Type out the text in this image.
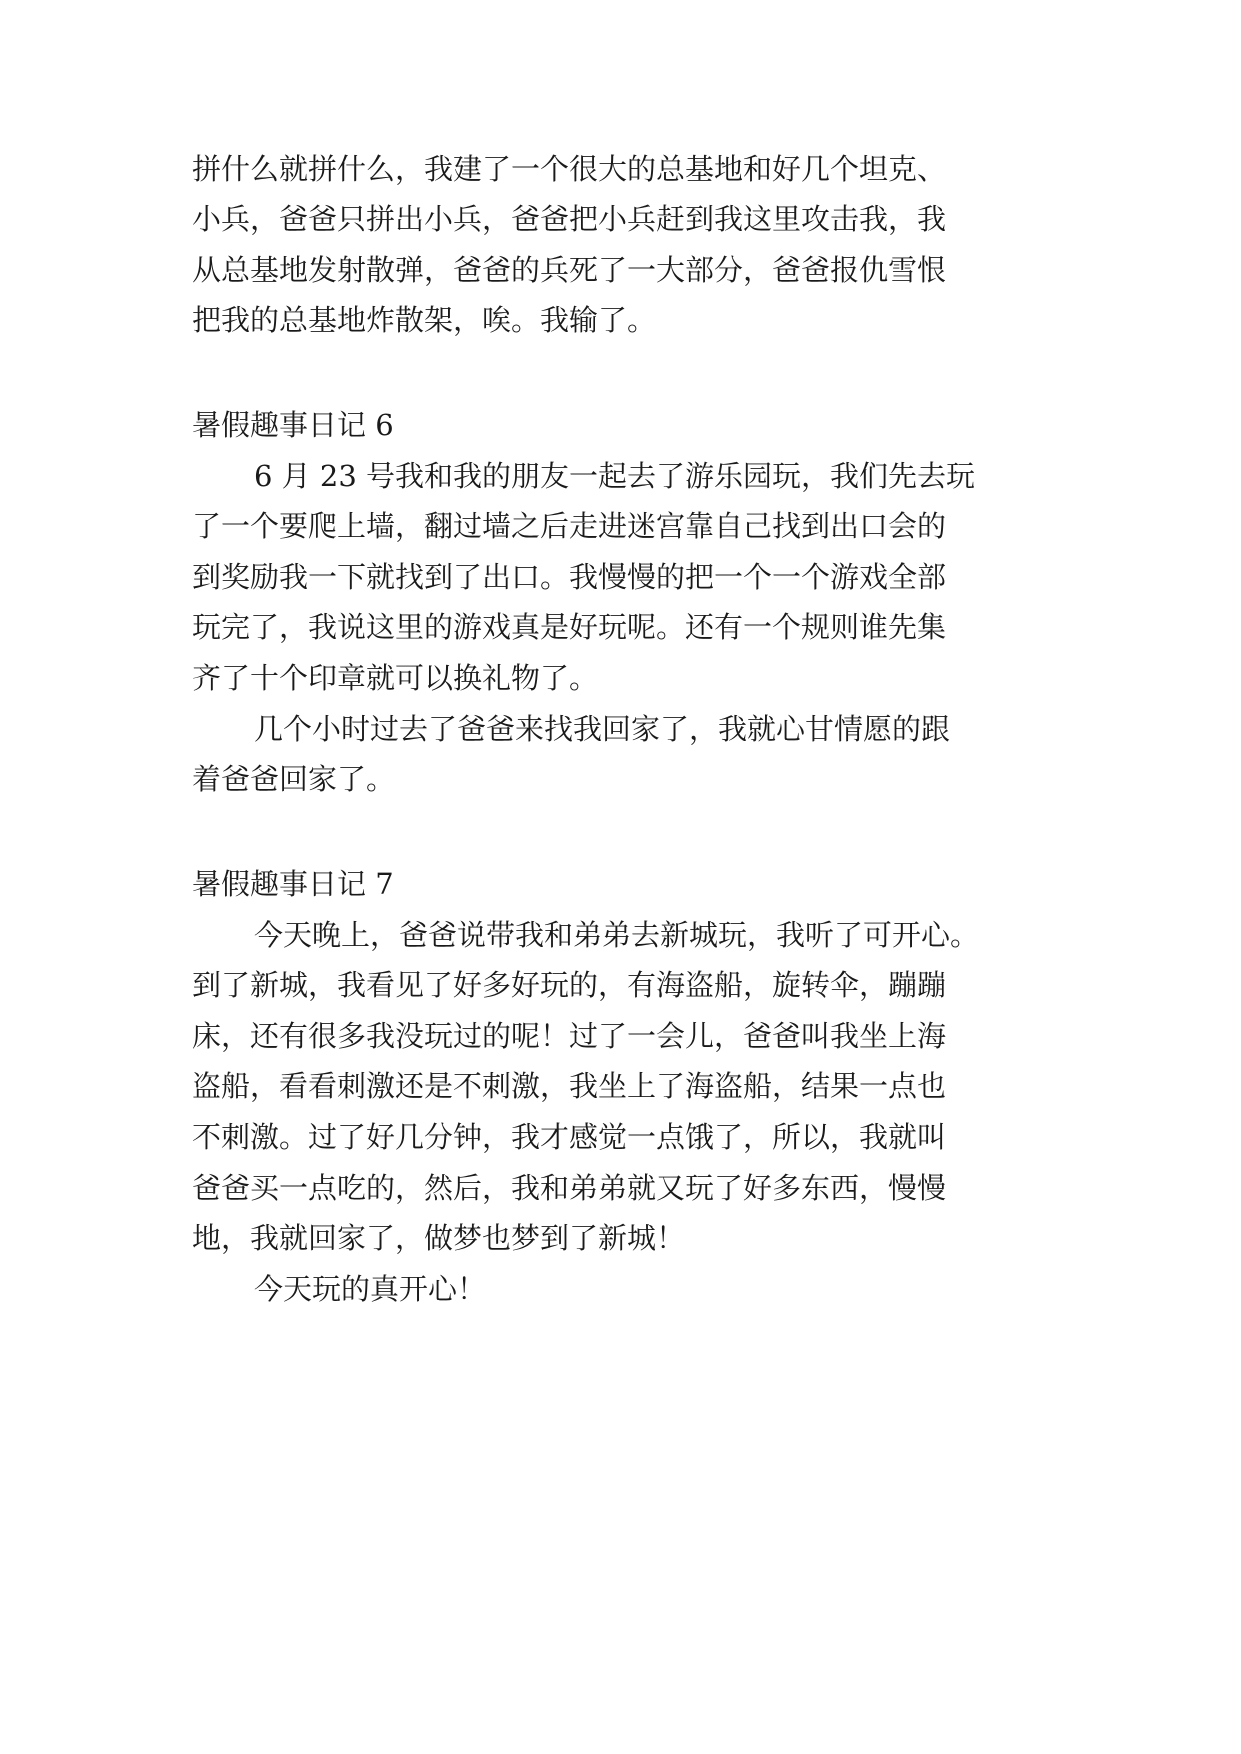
拼什么就拼什么，我建了一个很大的总基地和好几个坦克、
小兵，爸爸只拼出小兵，爸爸把小兵赶到我这里攻击我，我
从总基地发射散弹，爸爸的兵死了一大部分，爸爸报仇雪恨
把我的总基地炸散架，唉。我输了。
暑假趣事日记 6
6 月 23 号我和我的朋友一起去了游乐园玩，我们先去玩
了一个要爬上墙，翻过墙之后走进迷宫靠自己找到出口会的
到奖励我一下就找到了出口。我慢慢的把一个一个游戏全部
玩完了，我说这里的游戏真是好玩呢。还有一个规则谁先集
齐了十个印章就可以换礼物了。
几个小时过去了爸爸来找我回家了，我就心甘情愿的跟
着爸爸回家了。
暑假趣事日记 7
今天晚上，爸爸说带我和弟弟去新城玩，我听了可开心。
到了新城，我看见了好多好玩的，有海盗船，旋转伞，蹦蹦
床，还有很多我没玩过的呢！过了一会儿，爸爸叫我坐上海
盗船，看看刺激还是不刺激，我坐上了海盗船，结果一点也
不刺激。过了好几分钟，我才感觉一点饿了，所以，我就叫
爸爸买一点吃的，然后，我和弟弟就又玩了好多东西，慢慢
地，我就回家了，做梦也梦到了新城！
今天玩的真开心！
